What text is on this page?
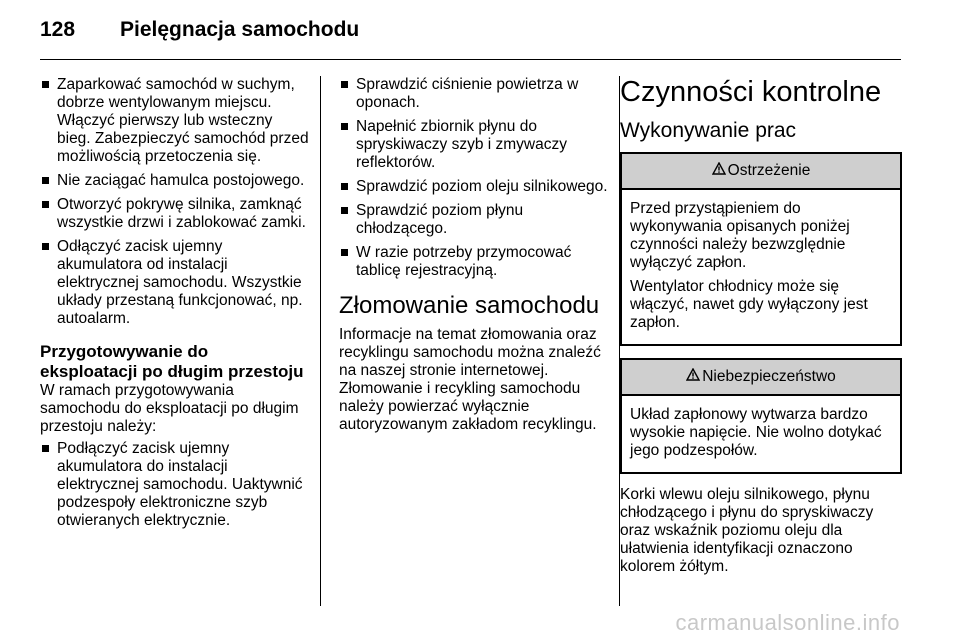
128	Pielęgnacja samochodu
Zaparkować samochód w suchym, dobrze wentylowanym miejscu. Włączyć pierwszy lub wsteczny bieg. Zabezpieczyć samochód przed możliwością przetoczenia się.
Nie zaciągać hamulca postojowego.
Otworzyć pokrywę silnika, zamknąć wszystkie drzwi i zablokować zamki.
Odłączyć zacisk ujemny akumulatora od instalacji elektrycznej samochodu. Wszystkie układy przestaną funkcjonować, np. autoalarm.
Przygotowywanie do eksploatacji po długim przestoju
W ramach przygotowywania samochodu do eksploatacji po długim przestoju należy:
Podłączyć zacisk ujemny akumulatora do instalacji elektrycznej samochodu. Uaktywnić podzespoły elektroniczne szyb otwieranych elektrycznie.
Sprawdzić ciśnienie powietrza w oponach.
Napełnić zbiornik płynu do spryskiwaczy szyb i zmywaczy reflektorów.
Sprawdzić poziom oleju silnikowego.
Sprawdzić poziom płynu chłodzącego.
W razie potrzeby przymocować tablicę rejestracyjną.
Złomowanie samochodu
Informacje na temat złomowania oraz recyklingu samochodu można znaleźć na naszej stronie internetowej. Złomowanie i recykling samochodu należy powierzać wyłącznie autoryzowanym zakładom recyklingu.
Czynności kontrolne
Wykonywanie prac
Ostrzeżenie
Przed przystąpieniem do wykonywania opisanych poniżej czynności należy bezwzględnie wyłączyć zapłon.
Wentylator chłodnicy może się włączyć, nawet gdy wyłączony jest zapłon.
Niebezpieczeństwo
Układ zapłonowy wytwarza bardzo wysokie napięcie. Nie wolno dotykać jego podzespołów.
Korki wlewu oleju silnikowego, płynu chłodzącego i płynu do spryskiwaczy oraz wskaźnik poziomu oleju dla ułatwienia identyfikacji oznaczono kolorem żółtym.
carmanualsonline.info
